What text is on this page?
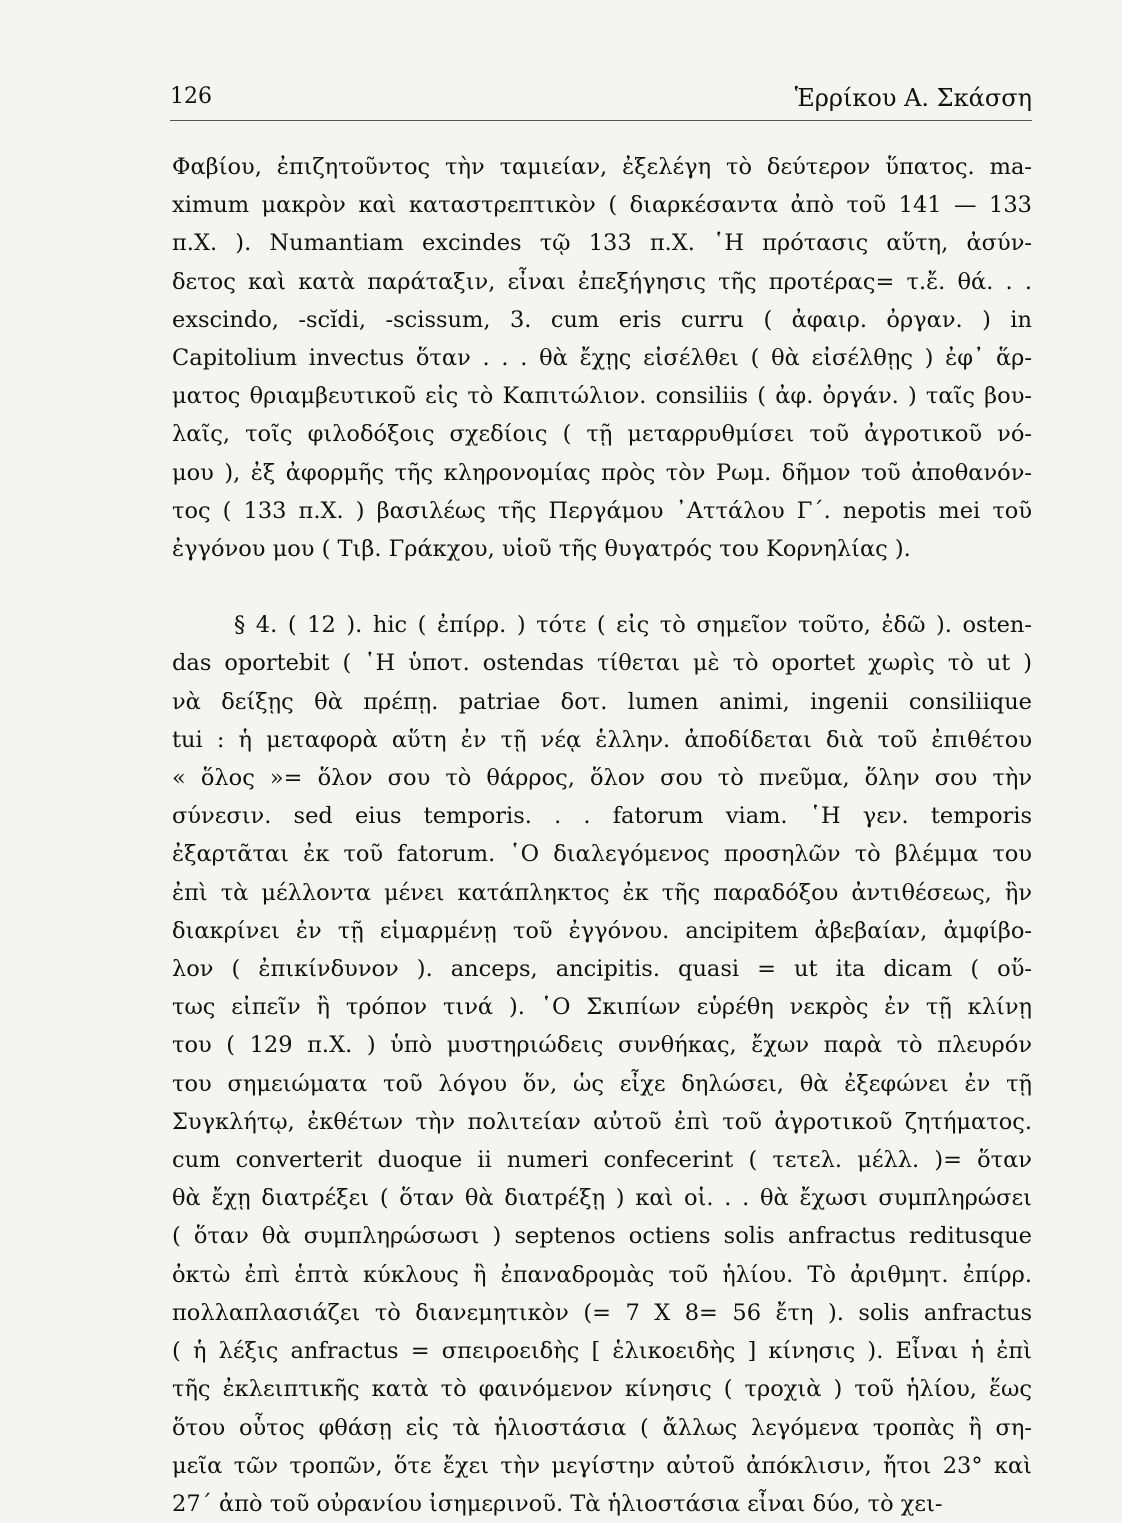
126	Ἑρρίκου Α. Σκάσση
Φαβίου, ἐπιζητοῦντος τὴν ταμιείαν, ἐξελέγη τὸ δεύτερον ὕπατος. ma-
ximum μακρὸν καὶ καταστρεπτικὸν ( διαρκέσαντα ἀπὸ τοῦ 141 — 133
π.Χ. ). Numantiam excindes τῷ 133 π.Χ. ῾Η πρότασις αὕτη, ἀσύν-
δετος καὶ κατὰ παράταξιν, εἶναι ἐπεξήγησις τῆς προτέρας= τ.ἔ. θά. . .
exscindo, -scĭdi, -scissum, 3. cum eris curru ( ἀφαιρ. ὀργαν. ) in
Capitolium invectus ὅταν . . . θὰ ἔχῃς εἰσέλθει ( θὰ εἰσέλθῃς ) ἐφ᾽ ἅρ-
ματος θριαμβευτικοῦ εἰς τὸ Καπιτώλιον. consiliis ( ἀφ. ὀργάν. ) ταῖς βου-
λαῖς, τοῖς φιλοδόξοις σχεδίοις ( τῇ μεταρρυθμίσει τοῦ ἀγροτικοῦ νό-
μου ), ἐξ ἀφορμῆς τῆς κληρονομίας πρὸς τὸν Ρωμ. δῆμον τοῦ ἀποθανόν-
τος ( 133 π.Χ. ) βασιλέως τῆς Περγάμου ᾽Αττάλου Γ΄. nepotis mei τοῦ
ἐγγόνου μου ( Τιβ. Γράκχου, υἱοῦ τῆς θυγατρός του Κορνηλίας ).
§ 4. ( 12 ). hic ( ἐπίρρ. ) τότε ( εἰς τὸ σημεῖον τοῦτο, ἐδῶ ). osten-
das oportebit ( ῾Η ὑποτ. ostendas τίθεται μὲ τὸ oportet χωρὶς τὸ ut )
νὰ δείξῃς θὰ πρέπῃ. patriae δοτ. lumen animi, ingenii consiliique
tui : ἡ μεταφορὰ αὕτη ἐν τῇ νέᾳ ἑλλην. ἀποδίδεται διὰ τοῦ ἐπιθέτου
« ὅλος »= ὅλον σου τὸ θάρρος, ὅλον σου τὸ πνεῦμα, ὅλην σου τὴν
σύνεσιν. sed eius temporis. . . fatorum viam. ῾Η γεν. temporis
ἐξαρτᾶται ἐκ τοῦ fatorum. ῾Ο διαλεγόμενος προσηλῶν τὸ βλέμμα του
ἐπὶ τὰ μέλλοντα μένει κατάπληκτος ἐκ τῆς παραδόξου ἀντιθέσεως, ἣν
διακρίνει ἐν τῇ εἱμαρμένῃ τοῦ ἐγγόνου. ancipitem ἀβεβαίαν, ἀμφίβο-
λον ( ἐπικίνδυνον ). anceps, ancipitis. quasi = ut ita dicam ( οὕ-
τως εἰπεῖν ἢ τρόπον τινά ). ῾Ο Σκιπίων εὑρέθη νεκρὸς ἐν τῇ κλίνῃ
του ( 129 π.Χ. ) ὑπὸ μυστηριώδεις συνθήκας, ἔχων παρὰ τὸ πλευρόν
του σημειώματα τοῦ λόγου ὅν, ὡς εἶχε δηλώσει, θὰ ἐξεφώνει ἐν τῇ
Συγκλήτῳ, ἐκθέτων τὴν πολιτείαν αὐτοῦ ἐπὶ τοῦ ἀγροτικοῦ ζητήματος.
cum converterit duoque ii numeri confecerint ( τετελ. μέλλ. )= ὅταν
θὰ ἔχῃ διατρέξει ( ὅταν θὰ διατρέξῃ ) καὶ οἱ. . . θὰ ἔχωσι συμπληρώσει
( ὅταν θὰ συμπληρώσωσι ) septenos octiens solis anfractus reditusque
ὀκτὼ ἐπὶ ἑπτὰ κύκλους ἢ ἐπαναδρομὰς τοῦ ἡλίου. Τὸ ἀριθμητ. ἐπίρρ.
πολλαπλασιάζει τὸ διανεμητικὸν (= 7 Χ 8= 56 ἔτη ). solis anfractus
( ἡ λέξις anfractus = σπειροειδὴς [ ἑλικοειδὴς ] κίνησις ). Εἶναι ἡ ἐπὶ
τῆς ἐκλειπτικῆς κατὰ τὸ φαινόμενον κίνησις ( τροχιὰ ) τοῦ ἡλίου, ἕως
ὅτου οὗτος φθάσῃ εἰς τὰ ἡλιοστάσια ( ἄλλως λεγόμενα τροπὰς ἢ ση-
μεῖα τῶν τροπῶν, ὅτε ἔχει τὴν μεγίστην αὐτοῦ ἀπόκλισιν, ἤτοι 23° καὶ
27΄ ἀπὸ τοῦ οὐρανίου ἰσημερινοῦ. Τὰ ἡλιοστάσια εἶναι δύο, τὸ χει-
